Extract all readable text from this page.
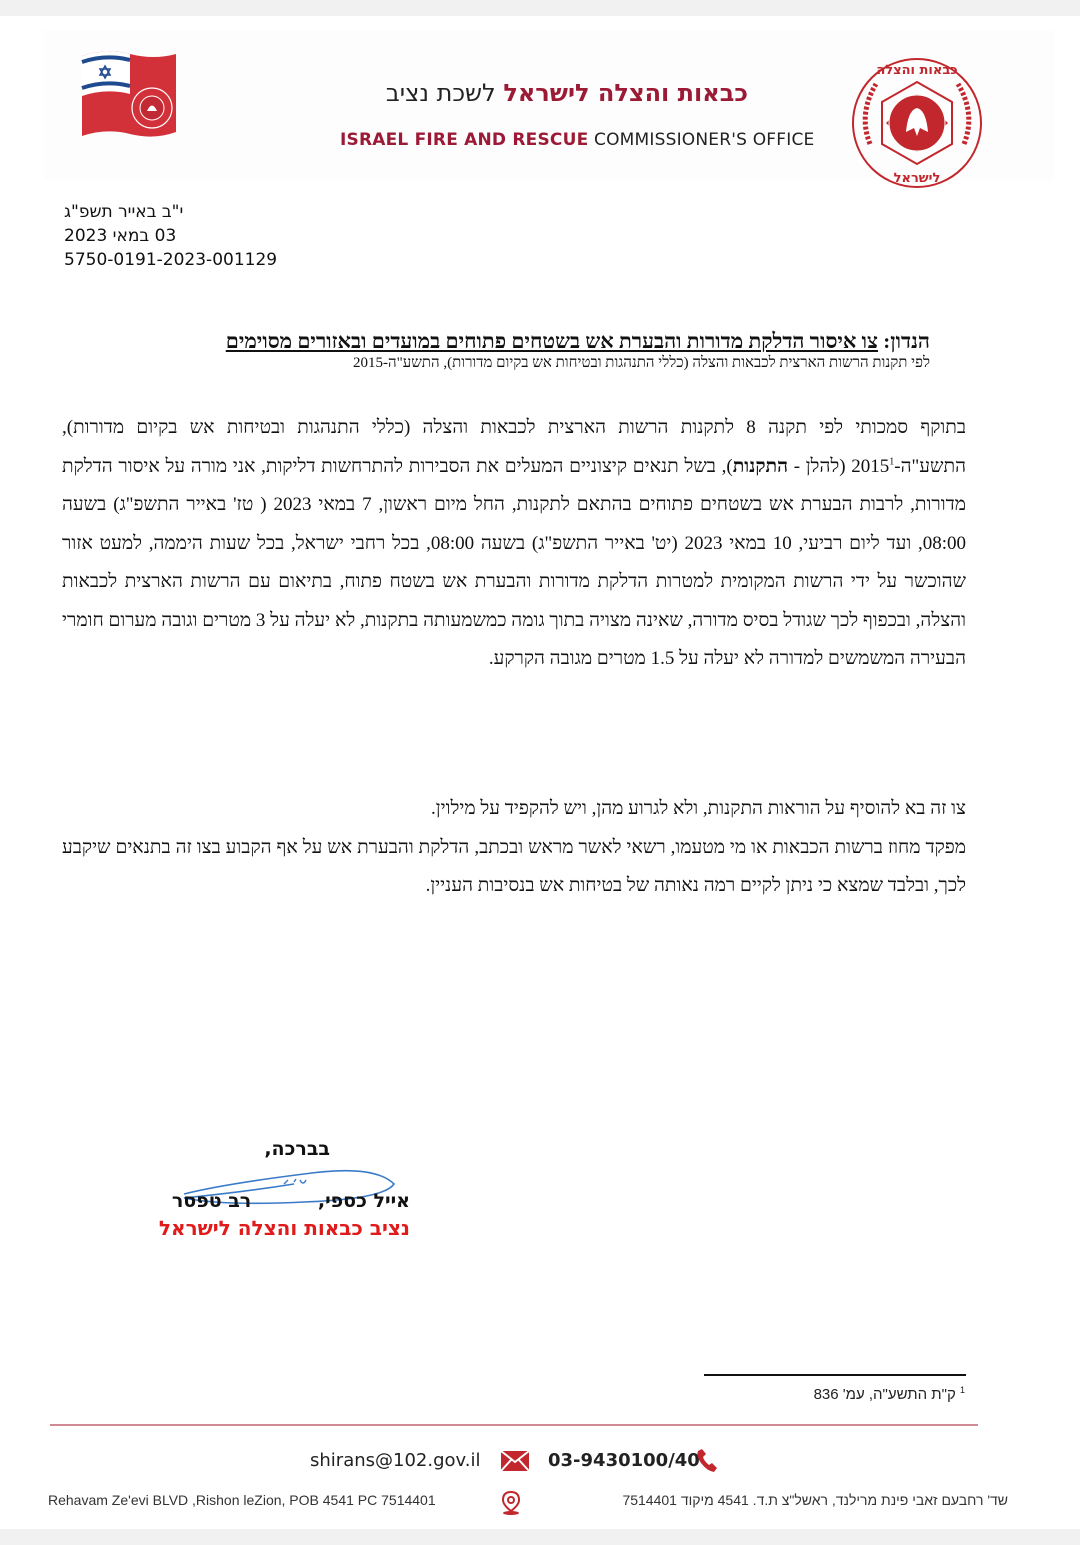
כבאות והצלה לישראל לשכת נציב
ISRAEL FIRE AND RESCUE COMMISSIONER'S OFFICE
כבאות והצלה
לישראל
י"ב באייר תשפ"ג
03 במאי 2023
5750-0191-2023-001129
הנדון: צו איסור הדלקת מדורות והבערת אש בשטחים פתוחים במועדים ובאזורים מסוימים
לפי תקנות הרשות הארצית לכבאות והצלה (כללי התנהגות ובטיחות אש בקיום מדורות), התשע"ה-2015
בתוקף סמכותי לפי תקנה 8 לתקנות הרשות הארצית לכבאות והצלה (כללי התנהגות ובטיחות אש בקיום מדורות), התשע"ה-2015$^1$ (להלן - התקנות), בשל תנאים קיצוניים המעלים את הסבירות להתרחשות דליקות, אני מורה על איסור הדלקת מדורות, לרבות הבערת אש בשטחים פתוחים בהתאם לתקנות, החל מיום ראשון, 7 במאי 2023 ( טז' באייר התשפ"ג) בשעה 08:00, ועד ליום רביעי, 10 במאי 2023 (יט' באייר התשפ"ג) בשעה 08:00, בכל רחבי ישראל, בכל שעות היממה, למעט אזור שהוכשר על ידי הרשות המקומית למטרות הדלקת מדורות והבערת אש בשטח פתוח, בתיאום עם הרשות הארצית לכבאות והצלה, ובכפוף לכך שגודל בסיס מדורה, שאינה מצויה בתוך גומה כמשמעותה בתקנות, לא יעלה על 3 מטרים וגובה מערום חומרי הבעירה המשמשים למדורה לא יעלה על 1.5 מטרים מגובה הקרקע.
צו זה בא להוסיף על הוראות התקנות, ולא לגרוע מהן, ויש להקפיד על מילוין.
מפקד מחוז ברשות הכבאות או מי מטעמו, רשאי לאשר מראש ובכתב, הדלקת והבערת אש על אף הקבוע בצו זה בתנאים שיקבע לכך, ובלבד שמצא כי ניתן לקיים רמה נאותה של בטיחות אש בנסיבות העניין.
בברכה,
אייל כספי, רב טפסר
נציב כבאות והצלה לישראל
$^1$ ק"ת התשע"ה, עמ' 836
shirans@102.gov.il	03-9430100/40
Rehavam Ze'evi BLVD ,Rishon leZion, POB 4541 PC 7514401	שד' רחבעם זאבי פינת מרילנד, ראשל"צ ת.ד. 4541 מיקוד 7514401
